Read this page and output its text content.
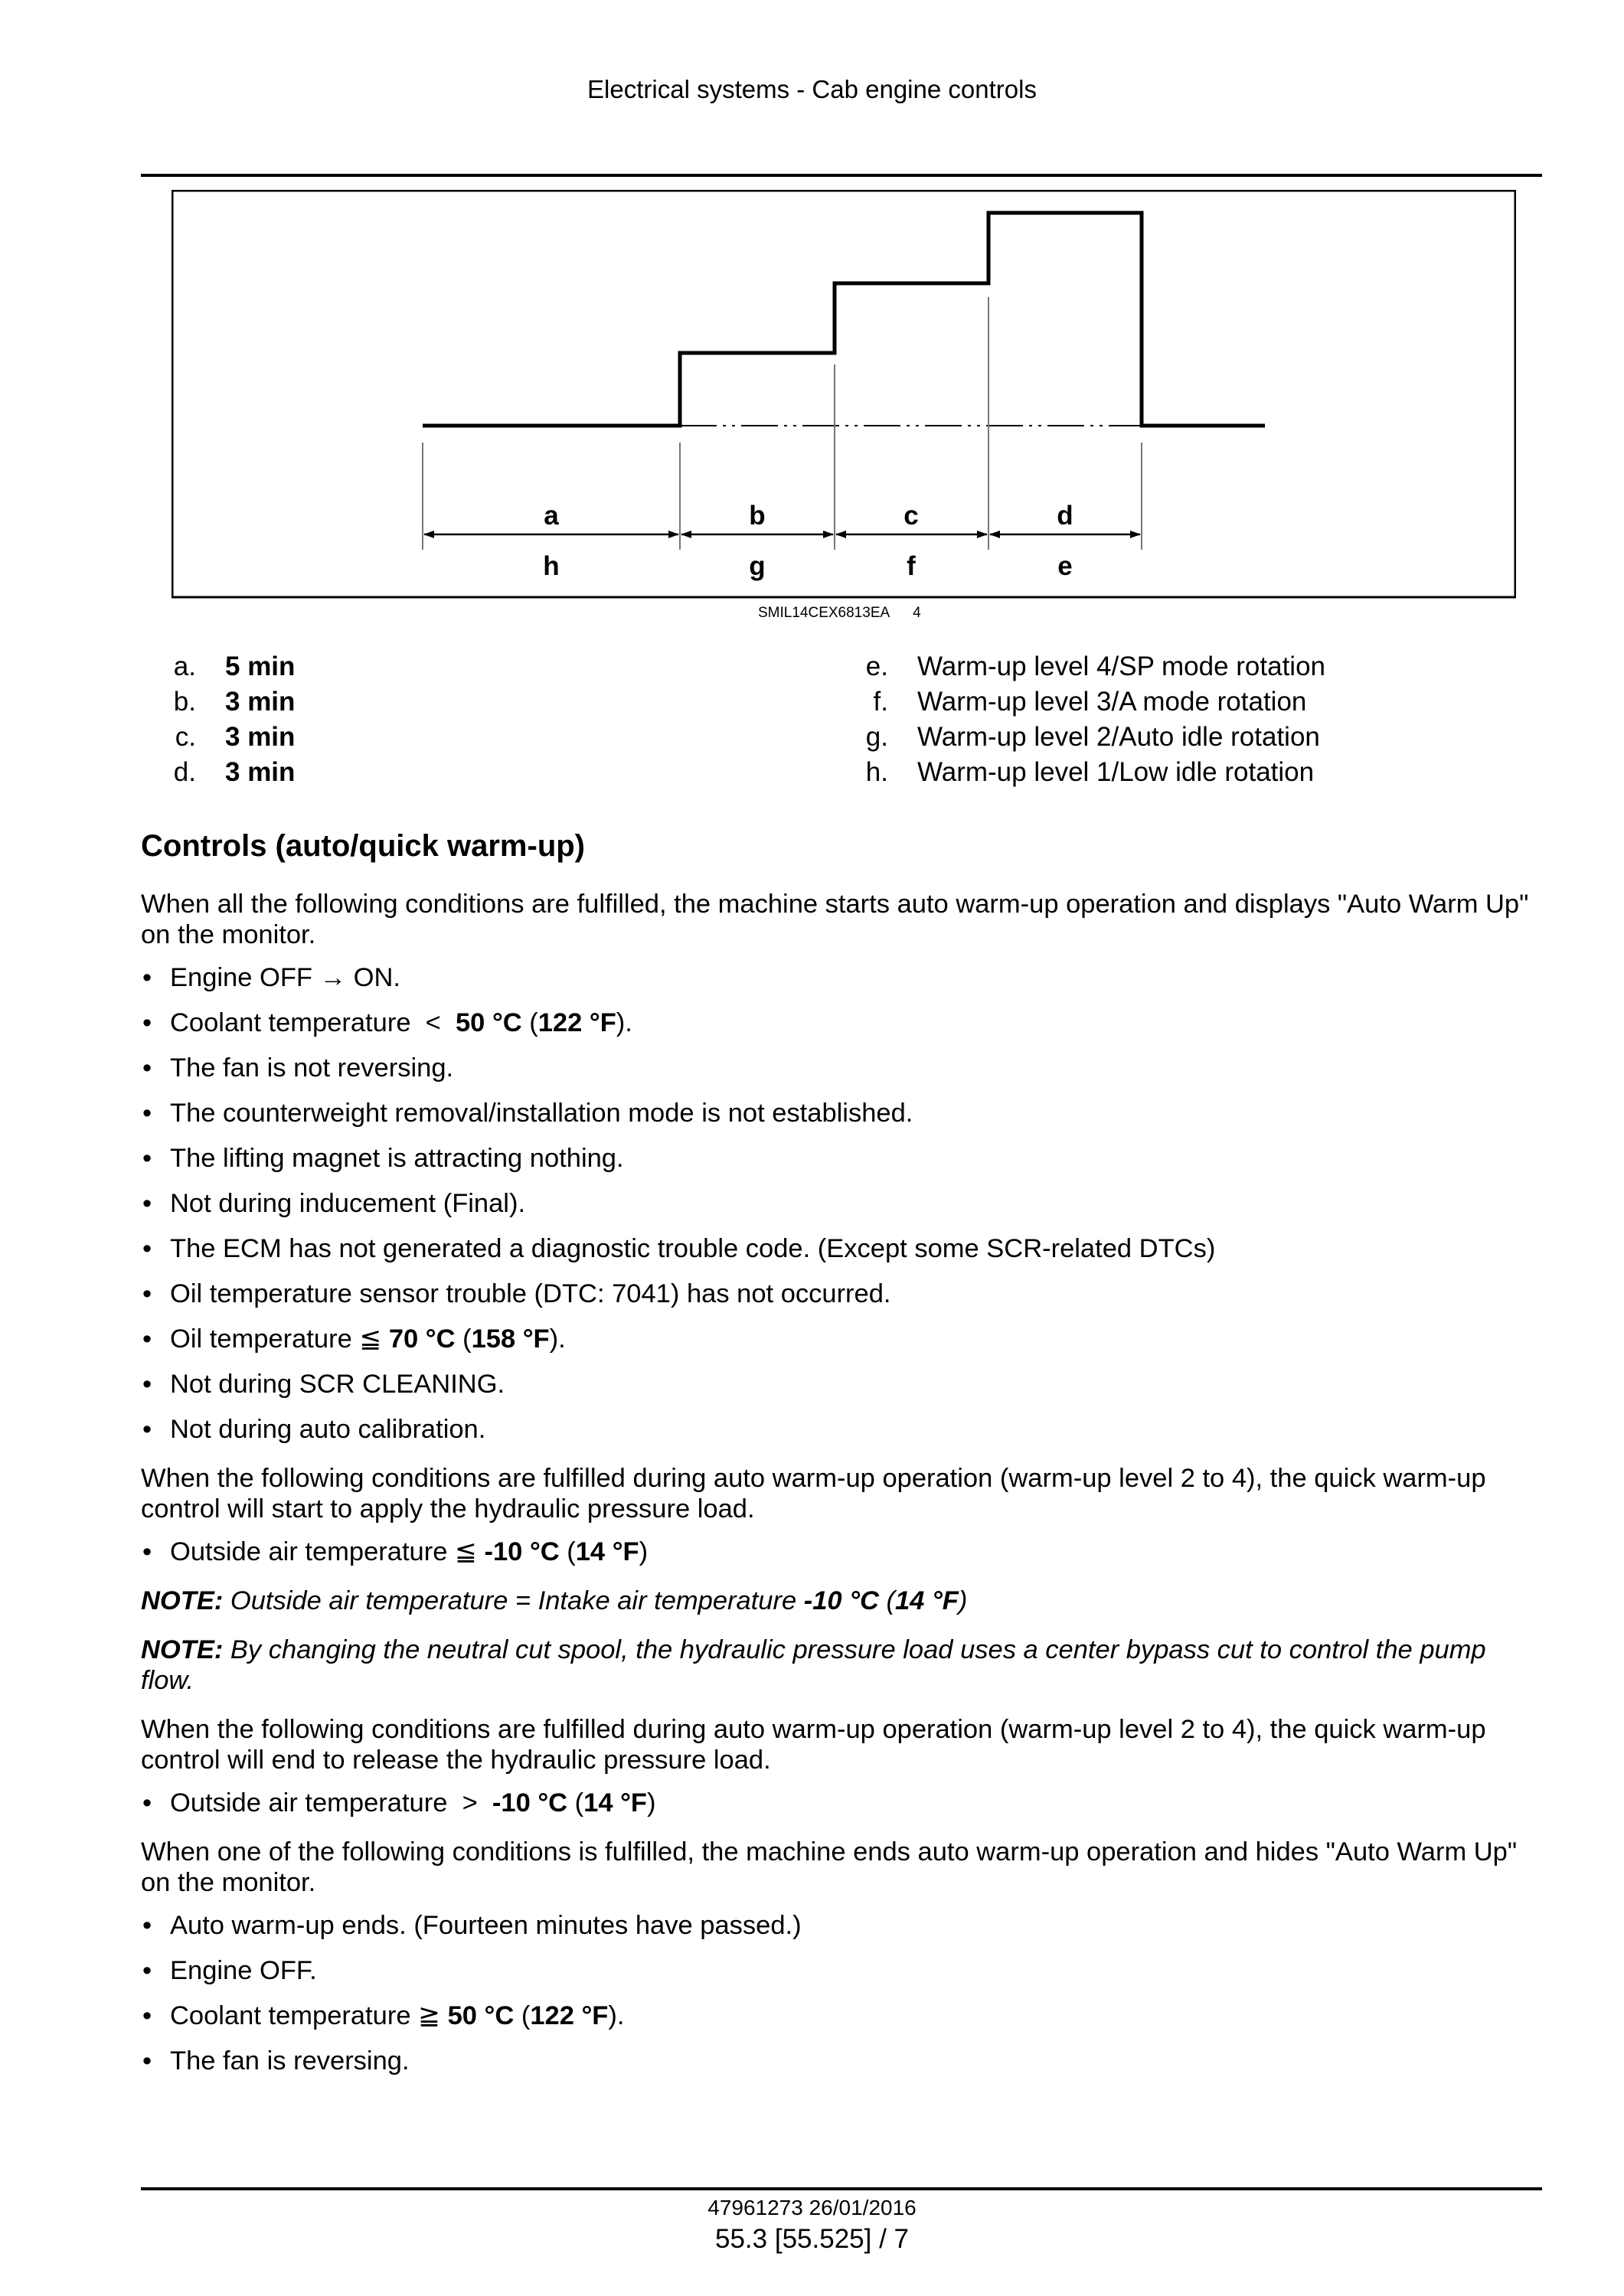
Electrical systems - Cab engine controls
a	b	c	d
h	g	f	e
SMIL14CEX6813EA 4
a.	5 min
b.	3 min
c.	3 min
d.	3 min
e.	Warm-up level 4/SP mode rotation
f.	Warm-up level 3/A mode rotation
g.	Warm-up level 2/Auto idle rotation
h.	Warm-up level 1/Low idle rotation
Controls (auto/quick warm-up)

When all the following conditions are fulfilled, the machine starts auto warm-up operation and displays "Auto Warm Up" on the monitor.

• Engine OFF → ON.
• Coolant temperature  <  50 °C (122 °F).
• The fan is not reversing.
• The counterweight removal/installation mode is not established.
• The lifting magnet is attracting nothing.
• Not during inducement (Final).
• The ECM has not generated a diagnostic trouble code. (Except some SCR-related DTCs)
• Oil temperature sensor trouble (DTC: 7041) has not occurred.
• Oil temperature ≦ 70 °C (158 °F).
• Not during SCR CLEANING.
• Not during auto calibration.

When the following conditions are fulfilled during auto warm-up operation (warm-up level 2 to 4), the quick warm-up control will start to apply the hydraulic pressure load.

• Outside air temperature ≦ -10 °C (14 °F)

NOTE: Outside air temperature = Intake air temperature -10 °C (14 °F)

NOTE: By changing the neutral cut spool, the hydraulic pressure load uses a center bypass cut to control the pump flow.

When the following conditions are fulfilled during auto warm-up operation (warm-up level 2 to 4), the quick warm-up control will end to release the hydraulic pressure load.

• Outside air temperature  >  -10 °C (14 °F)

When one of the following conditions is fulfilled, the machine ends auto warm-up operation and hides "Auto Warm Up" on the monitor.

• Auto warm-up ends. (Fourteen minutes have passed.)
• Engine OFF.
• Coolant temperature ≧ 50 °C (122 °F).
• The fan is reversing.
47961273 26/01/2016
55.3 [55.525] / 7
